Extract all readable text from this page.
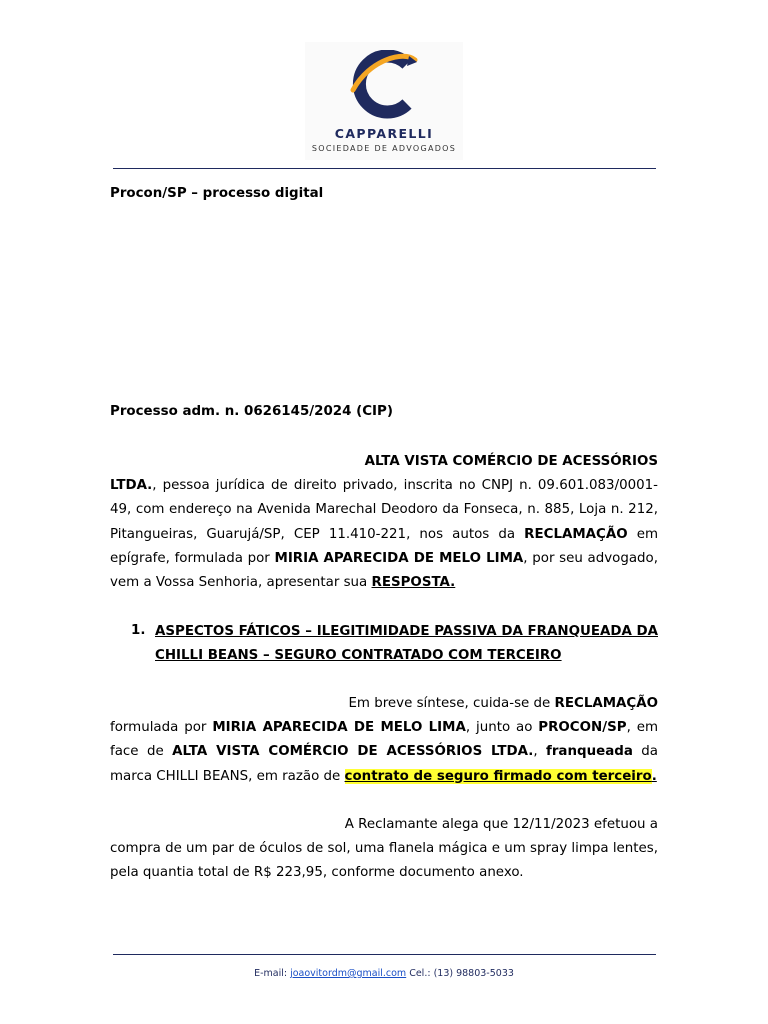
CAPPARELLI
SOCIEDADE DE ADVOGADOS

Procon/SP – processo digital

Processo adm. n. 0626145/2024 (CIP)

ALTA VISTA COMÉRCIO DE ACESSÓRIOS

LTDA., pessoa jurídica de direito privado, inscrita no CNPJ n. 09.601.083/0001-49, com endereço na Avenida Marechal Deodoro da Fonseca, n. 885, Loja n. 212, Pitangueiras, Guarujá/SP, CEP 11.410-221, nos autos da RECLAMAÇÃO em epígrafe, formulada por MIRIA APARECIDA DE MELO LIMA, por seu advogado, vem a Vossa Senhoria, apresentar sua RESPOSTA.

1. ASPECTOS FÁTICOS – ILEGITIMIDADE PASSIVA DA FRANQUEADA DA CHILLI BEANS – SEGURO CONTRATADO COM TERCEIRO

Em breve síntese, cuida-se de RECLAMAÇÃO

formulada por MIRIA APARECIDA DE MELO LIMA, junto ao PROCON/SP, em face de ALTA VISTA COMÉRCIO DE ACESSÓRIOS LTDA., franqueada da marca CHILLI BEANS, em razão de contrato de seguro firmado com terceiro.

A Reclamante alega que 12/11/2023 efetuou a

compra de um par de óculos de sol, uma flanela mágica e um spray limpa lentes, pela quantia total de R$ 223,95, conforme documento anexo.

E-mail: joaovitordm@gmail.com Cel.: (13) 98803-5033
